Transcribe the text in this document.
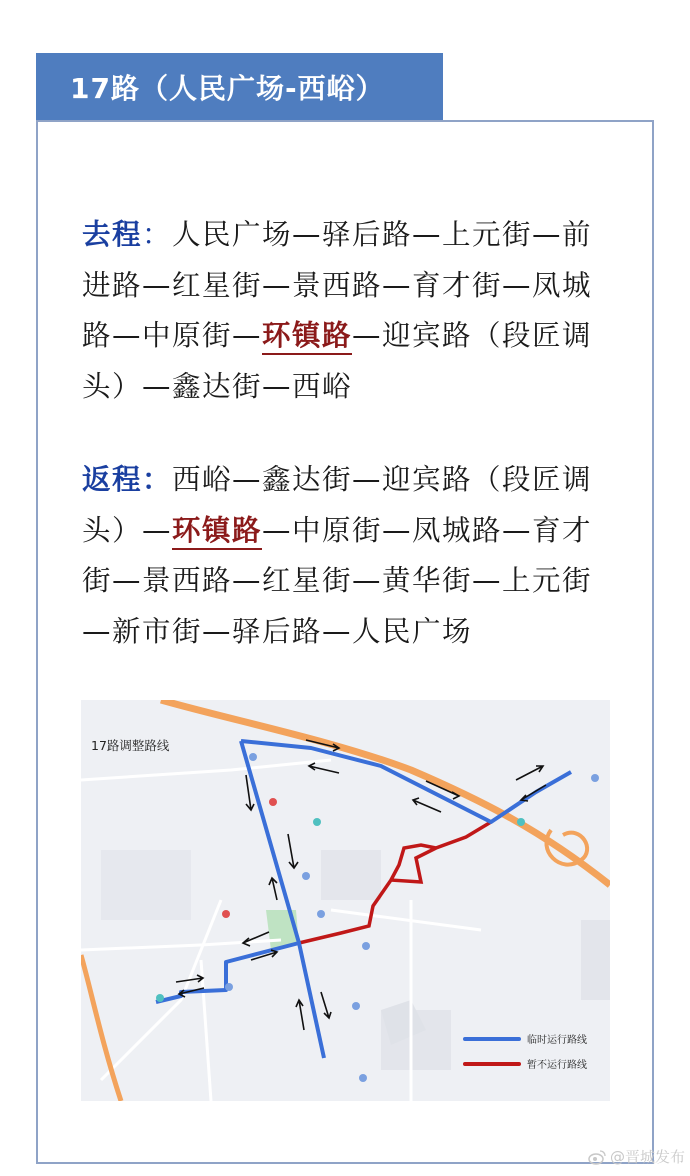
17路（人民广场-西峪）
去程：人民广场—驿后路—上元街—前进路—红星街—景西路—育才街—凤城路—中原街—环镇路—迎宾路（段匠调头）—鑫达街—西峪
返程：西峪—鑫达街—迎宾路（段匠调头）—环镇路—中原街—凤城路—育才街—景西路—红星街—黄华街—上元街—新市街—驿后路—人民广场
17路调整路线
临时运行路线
暂不运行路线
@晋城发布
